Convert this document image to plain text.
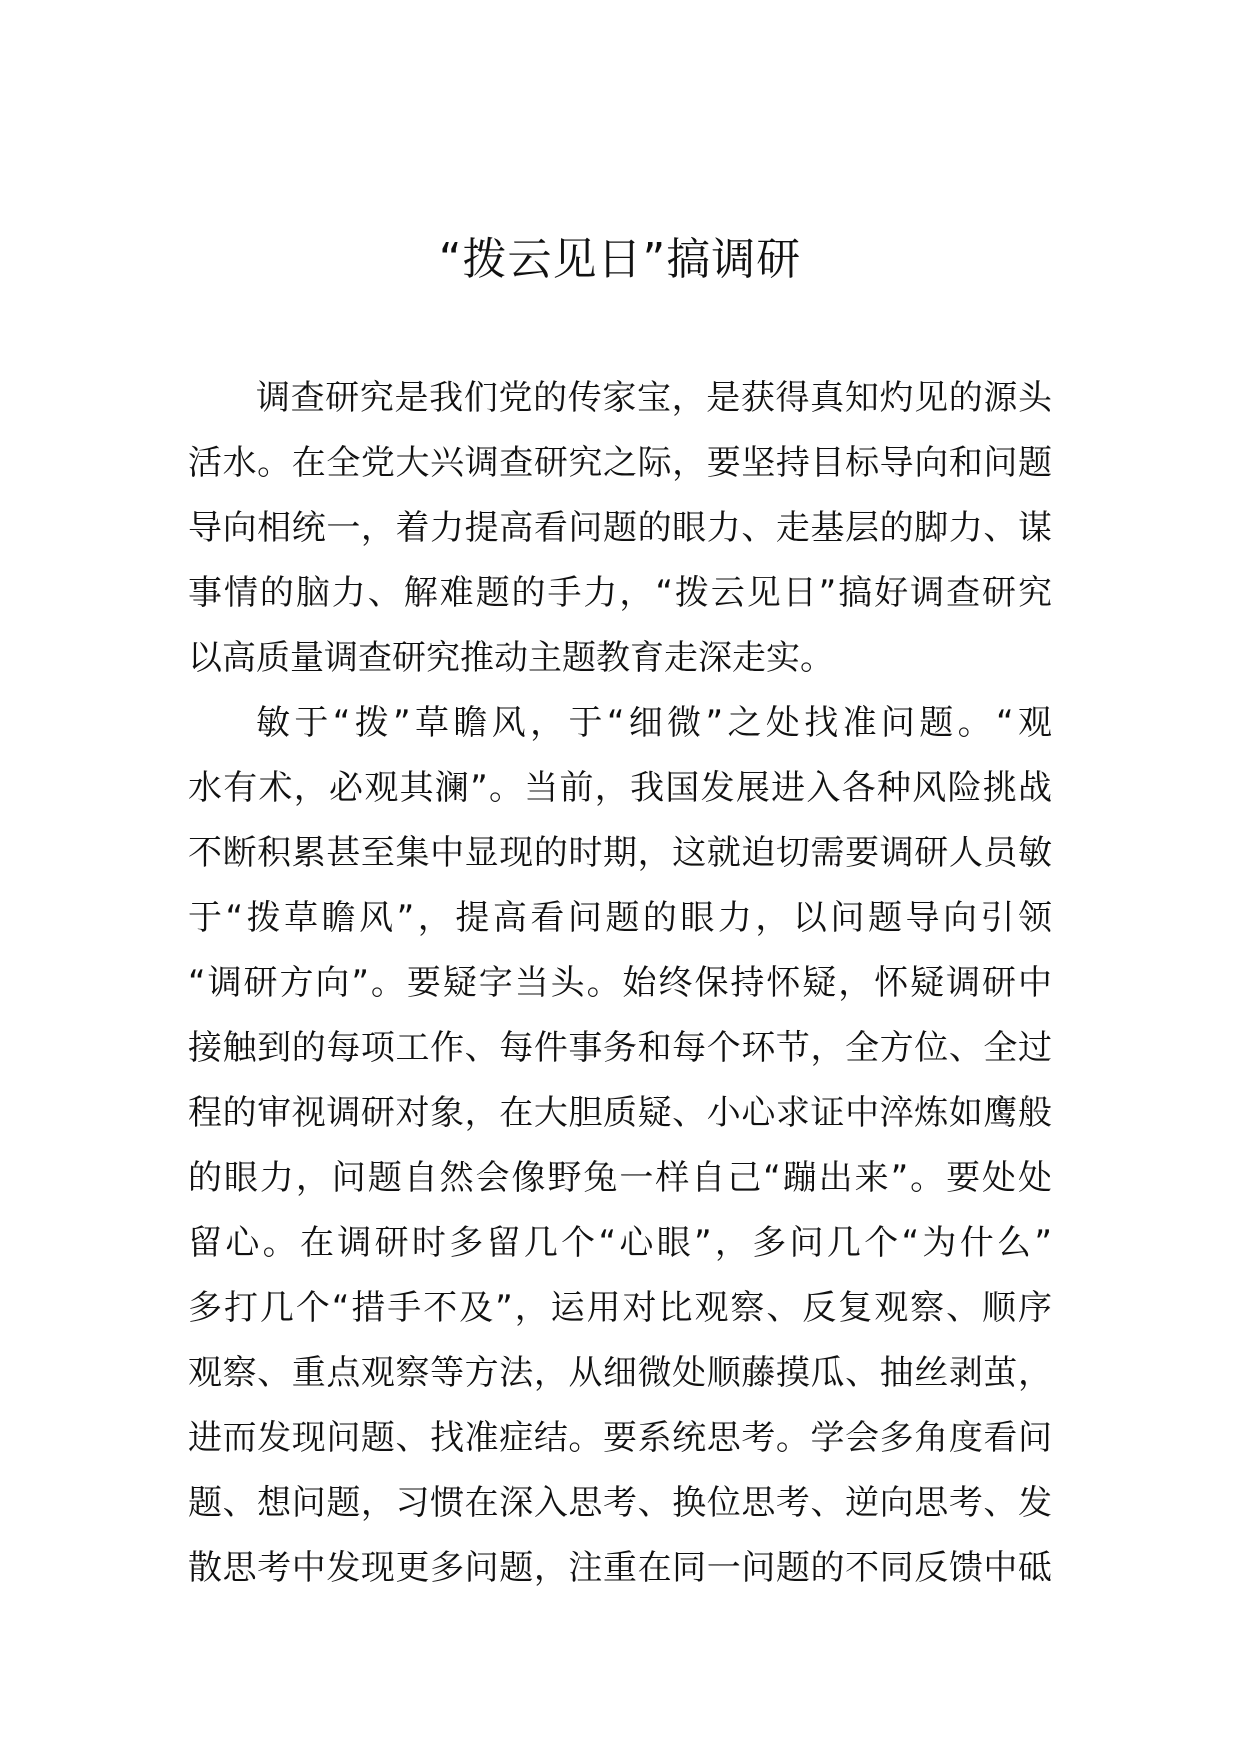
“拨云见日”搞调研
调查研究是我们党的传家宝，是获得真知灼见的源头
活水。在全党大兴调查研究之际，要坚持目标导向和问题
导向相统一，着力提高看问题的眼力、走基层的脚力、谋
事情的脑力、解难题的手力，“拨云见日”搞好调查研究
以高质量调查研究推动主题教育走深走实。
敏于“拨”草瞻风，于“细微”之处找准问题。“观
水有术，必观其澜”。当前，我国发展进入各种风险挑战
不断积累甚至集中显现的时期，这就迫切需要调研人员敏
于“拨草瞻风”，提高看问题的眼力，以问题导向引领
“调研方向”。要疑字当头。始终保持怀疑，怀疑调研中
接触到的每项工作、每件事务和每个环节，全方位、全过
程的审视调研对象，在大胆质疑、小心求证中淬炼如鹰般
的眼力，问题自然会像野兔一样自己“蹦出来”。要处处
留心。在调研时多留几个“心眼”，多问几个“为什么”
多打几个“措手不及”，运用对比观察、反复观察、顺序
观察、重点观察等方法，从细微处顺藤摸瓜、抽丝剥茧，
进而发现问题、找准症结。要系统思考。学会多角度看问
题、想问题，习惯在深入思考、换位思考、逆向思考、发
散思考中发现更多问题，注重在同一问题的不同反馈中砥
